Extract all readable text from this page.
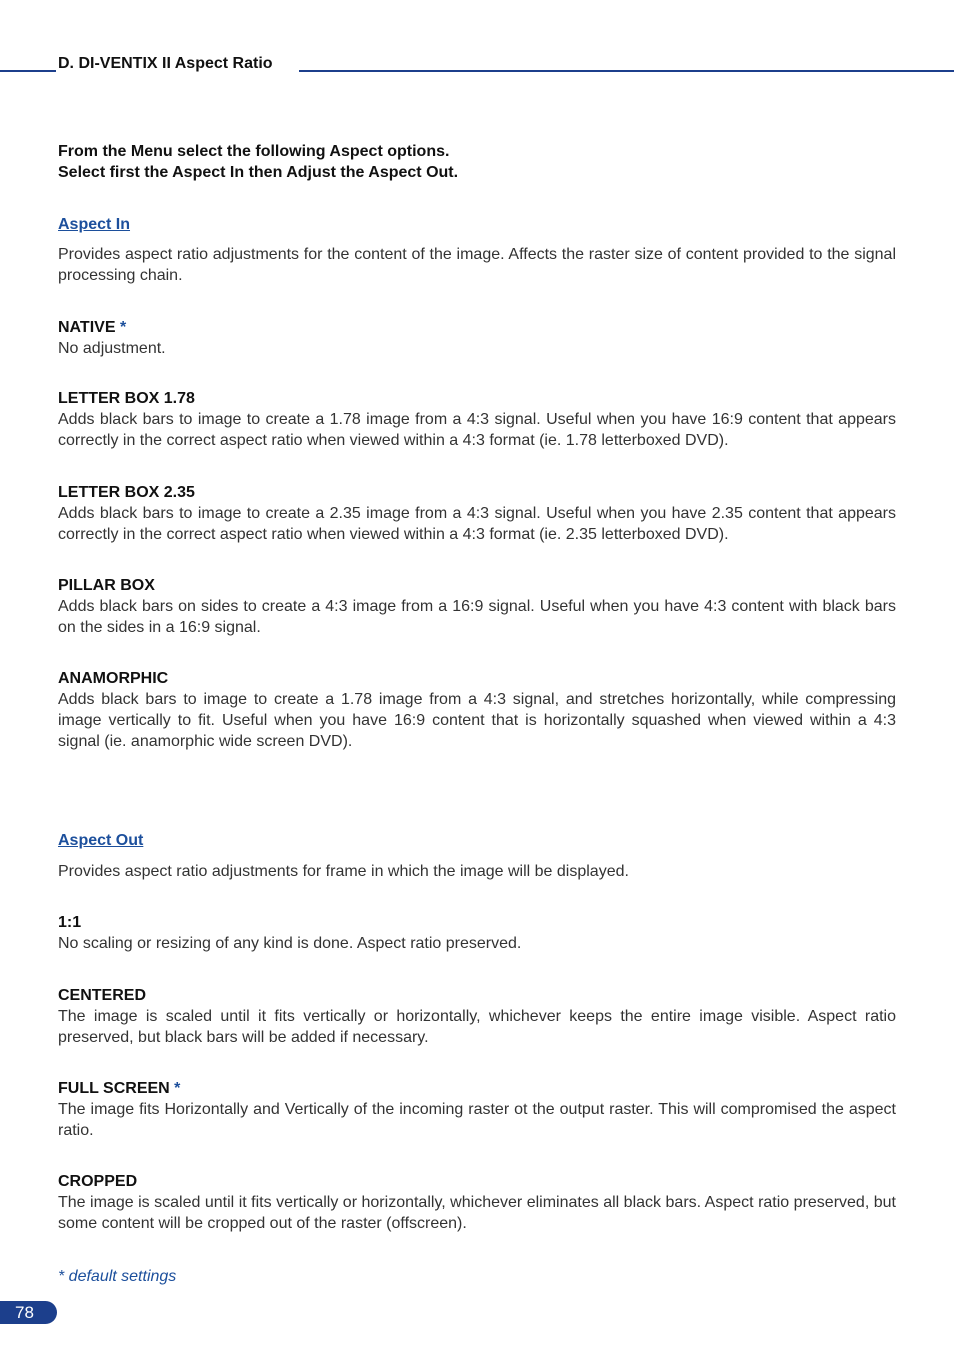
D. DI-VENTIX II Aspect Ratio

From the Menu select the following Aspect options.

Select first the Aspect In then Adjust the Aspect Out.

Aspect In

Provides aspect ratio adjustments for the content of the image. Affects the raster size of content provided to the signal processing chain.

NATIVE *

No adjustment.

LETTER BOX 1.78

Adds black bars to image to create a 1.78 image from a 4:3 signal. Useful when you have 16:9 content that appears correctly in the correct aspect ratio when viewed within a 4:3 format (ie. 1.78 letterboxed DVD).

LETTER BOX 2.35

Adds black bars to image to create a 2.35 image from a 4:3 signal. Useful when you have 2.35 content that appears correctly in the correct aspect ratio when viewed within a 4:3 format (ie. 2.35 letterboxed DVD).

PILLAR BOX

Adds black bars on sides to create a 4:3 image from a 16:9 signal. Useful when you have 4:3 content with black bars on the sides in a 16:9 signal.

ANAMORPHIC

Adds black bars to image to create a 1.78 image from a 4:3 signal, and stretches horizontally, while compressing image vertically to fit. Useful when you have 16:9 content that is horizontally squashed when viewed within a 4:3 signal (ie. anamorphic wide screen DVD).

Aspect Out

Provides aspect ratio adjustments for frame in which the image will be displayed.

1:1

No scaling or resizing of any kind is done. Aspect ratio preserved.

CENTERED

The image is scaled until it fits vertically or horizontally, whichever keeps the entire image visible. Aspect ratio preserved, but black bars will be added if necessary.

FULL SCREEN *

The image fits Horizontally and Vertically of the incoming raster ot the output raster. This will compromised the aspect ratio.

CROPPED

The image is scaled until it fits vertically or horizontally, whichever eliminates all black bars. Aspect ratio preserved, but some content will be cropped out of the raster (offscreen).

* default settings
78
